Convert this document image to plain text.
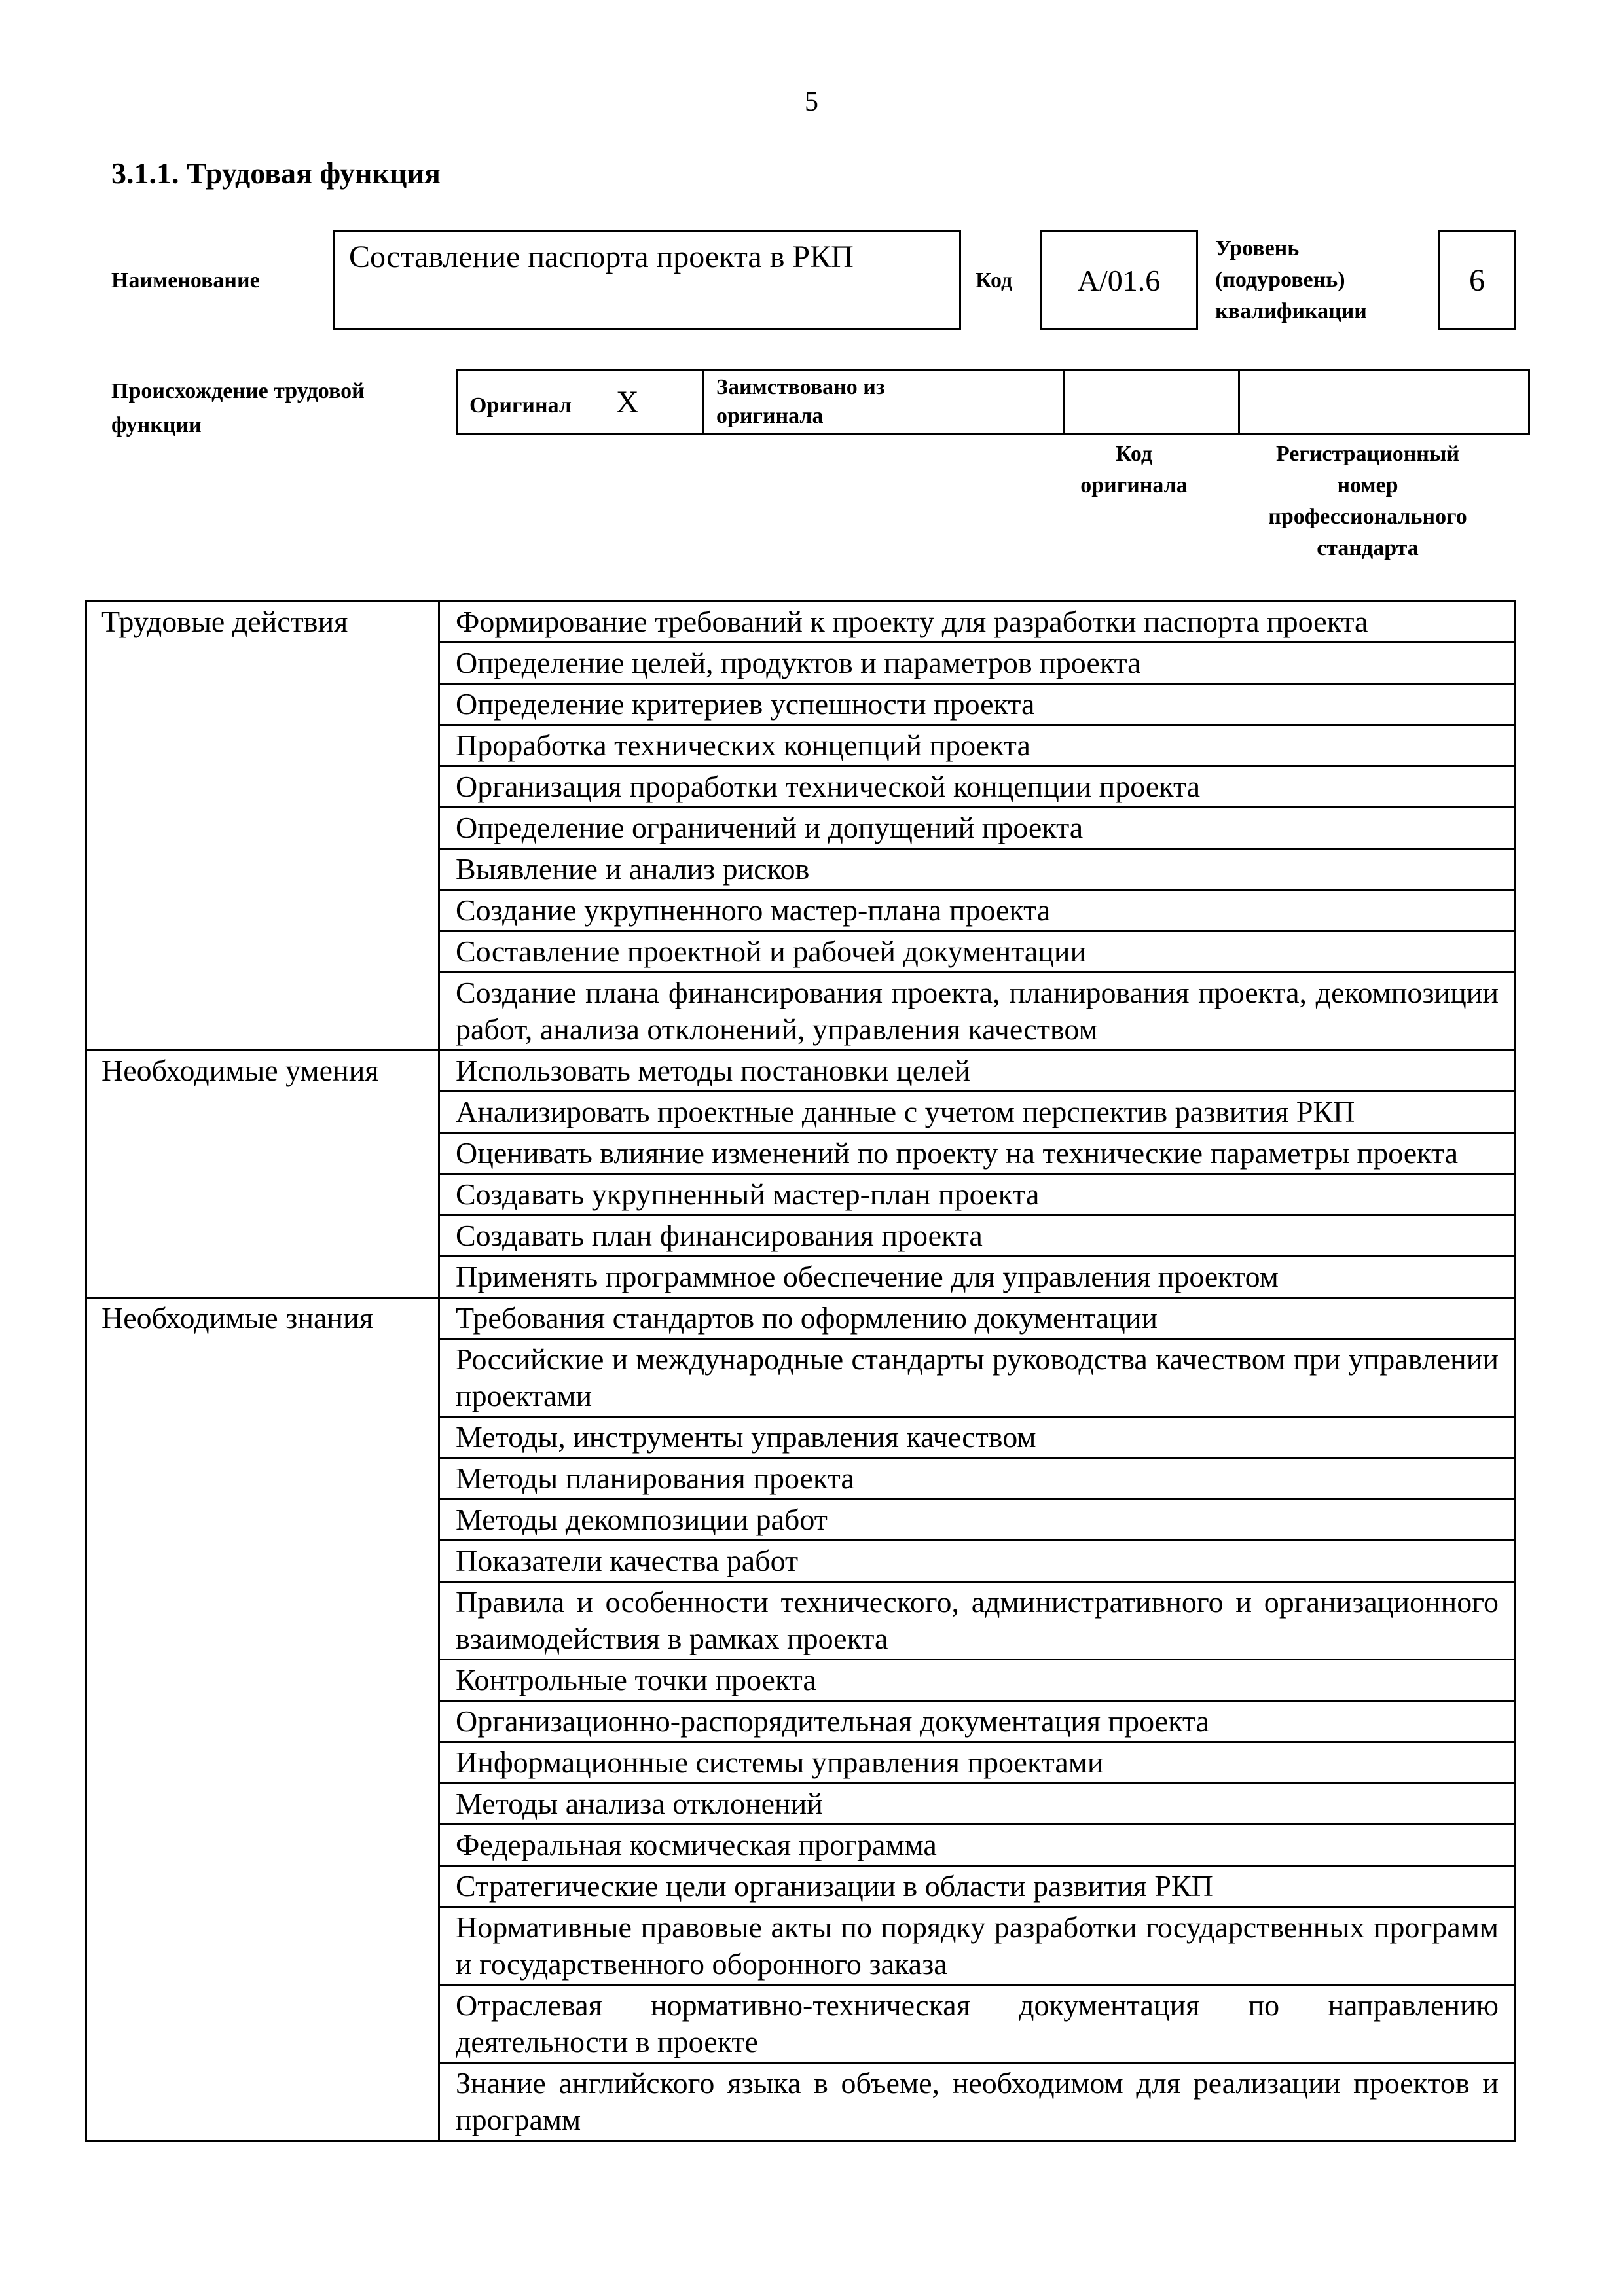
5
3.1.1. Трудовая функция
Наименование
Составление паспорта проекта в РКП
Код	A/01.6
Уровень
(подуровень)
квалификации
6
Происхождение трудовой
функции
Оригинал X	Заимствовано из
оригинала

Код
оригинала
Регистрационный
номер
профессионального
стандарта
Трудовые действия	Формирование требований к проекту для разработки паспорта проекта
	Определение целей, продуктов и параметров проекта
	Определение критериев успешности проекта
	Проработка технических концепций проекта
	Организация проработки технической концепции проекта
	Определение ограничений и допущений проекта
	Выявление и анализ рисков
	Создание укрупненного мастер-плана проекта
	Составление проектной и рабочей документации
	Создание плана финансирования проекта, планирования проекта, декомпозиции работ, анализа отклонений, управления качеством
Необходимые умения	Использовать методы постановки целей
	Анализировать проектные данные с учетом перспектив развития РКП
	Оценивать влияние изменений по проекту на технические параметры проекта
	Создавать укрупненный мастер-план проекта
	Создавать план финансирования проекта
	Применять программное обеспечение для управления проектом
Необходимые знания	Требования стандартов по оформлению документации
	Российские и международные стандарты руководства качеством при управлении проектами
	Методы, инструменты управления качеством
	Методы планирования проекта
	Методы декомпозиции работ
	Показатели качества работ
	Правила и особенности технического, административного и организационного взаимодействия в рамках проекта
	Контрольные точки проекта
	Организационно-распорядительная документация проекта
	Информационные системы управления проектами
	Методы анализа отклонений
	Федеральная космическая программа
	Стратегические цели организации в области развития РКП
	Нормативные правовые акты по порядку разработки государственных программ и государственного оборонного заказа
	Отраслевая нормативно-техническая документация по направлению деятельности в проекте
	Знание английского языка в объеме, необходимом для реализации проектов и программ
